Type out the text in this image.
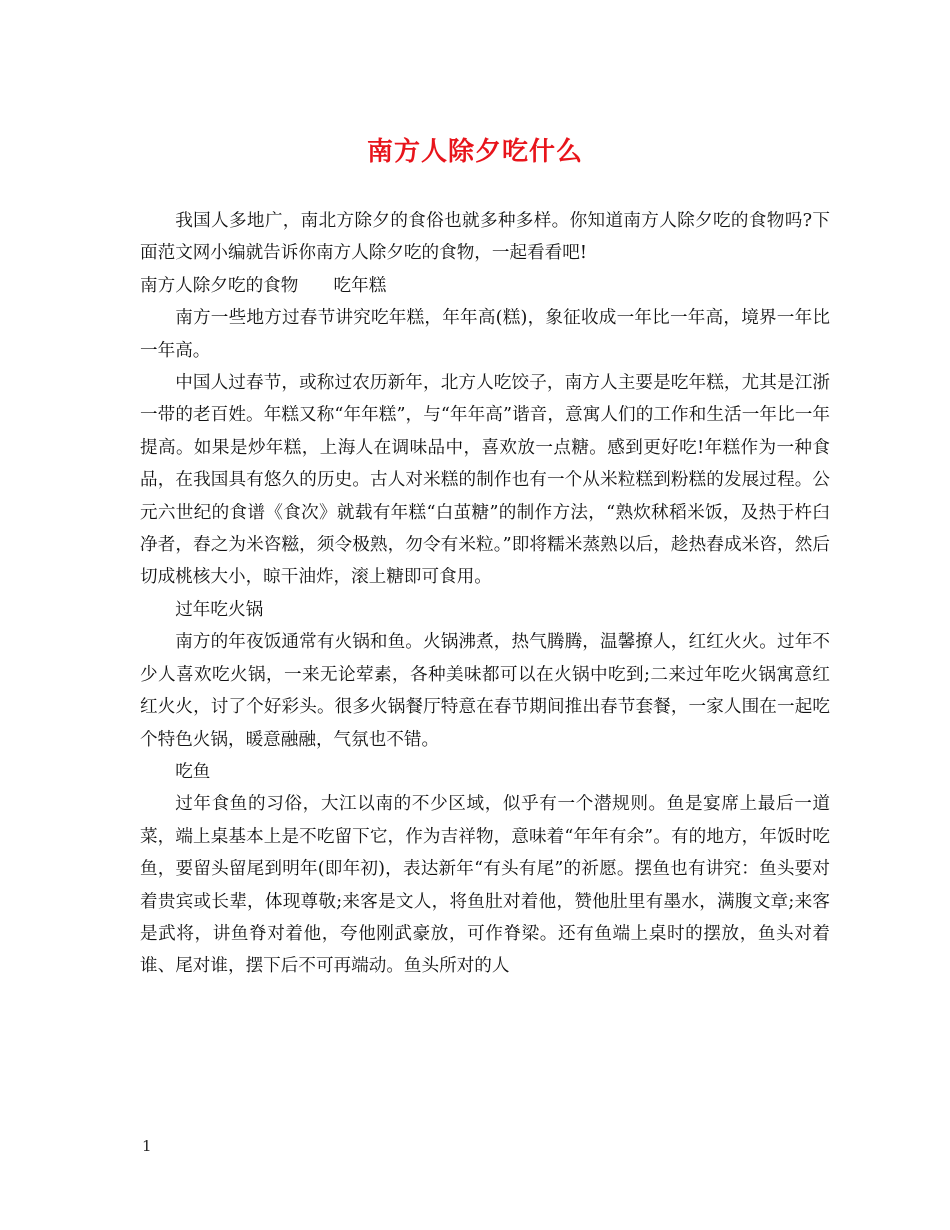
南方人除夕吃什么

我国人多地广，南北方除夕的食俗也就多种多样。你知道南方人除夕吃的食物吗?下面范文网小编就告诉你南方人除夕吃的食物，一起看看吧!

南方人除夕吃的食物　　吃年糕

南方一些地方过春节讲究吃年糕，年年高(糕)，象征收成一年比一年高，境界一年比一年高。

中国人过春节，或称过农历新年，北方人吃饺子，南方人主要是吃年糕，尤其是江浙一带的老百姓。年糕又称“年年糕”，与“年年高”谐音，意寓人们的工作和生活一年比一年提高。如果是炒年糕，上海人在调味品中，喜欢放一点糖。感到更好吃!年糕作为一种食品，在我国具有悠久的历史。古人对米糕的制作也有一个从米粒糕到粉糕的发展过程。公元六世纪的食谱《食次》就载有年糕“白茧糖”的制作方法，“熟炊秫稻米饭，及热于杵臼净者，舂之为米咨糍，须令极熟，勿令有米粒。”即将糯米蒸熟以后，趁热舂成米咨，然后切成桃核大小，晾干油炸，滚上糖即可食用。

过年吃火锅

南方的年夜饭通常有火锅和鱼。火锅沸煮，热气腾腾，温馨撩人，红红火火。过年不少人喜欢吃火锅，一来无论荤素，各种美味都可以在火锅中吃到;二来过年吃火锅寓意红红火火，讨了个好彩头。很多火锅餐厅特意在春节期间推出春节套餐，一家人围在一起吃个特色火锅，暖意融融，气氛也不错。

吃鱼

过年食鱼的习俗，大江以南的不少区域，似乎有一个潜规则。鱼是宴席上最后一道菜，端上桌基本上是不吃留下它，作为吉祥物，意味着“年年有余”。有的地方，年饭时吃鱼，要留头留尾到明年(即年初)，表达新年“有头有尾”的祈愿。摆鱼也有讲究：鱼头要对着贵宾或长辈，体现尊敬;来客是文人，将鱼肚对着他，赞他肚里有墨水，满腹文章;来客是武将，讲鱼脊对着他，夸他刚武豪放，可作脊梁。还有鱼端上桌时的摆放，鱼头对着谁、尾对谁，摆下后不可再端动。鱼头所对的人

1
